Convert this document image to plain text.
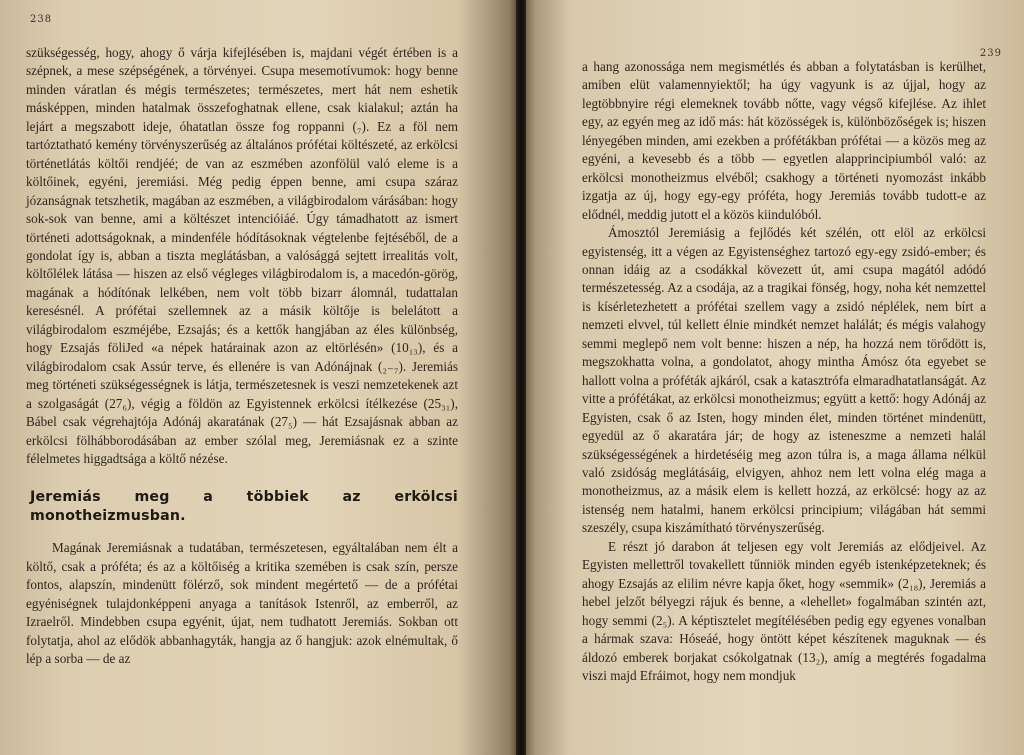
238

szükségesség, hogy, ahogy ő várja kifejlésében is, majdani végét értében is a szépnek, a mese szépségének, a törvényei. Csupa mesemotívumok: hogy benne minden váratlan és mégis természetes; természetes, mert hát nem eshetik másképpen, minden hatalmak összefoghatnak ellene, csak kialakul; aztán ha lejárt a megszabott ideje, óhatatlan össze fog roppanni (₇). Ez a föl nem tartóztatható kemény törvényszerűség az általános prófétai költészeté, az erkölcsi történetlátás költői rendjéé; de van az eszmében azonfölül való eleme is a költőinek, egyéni, jeremiási. Még pedig éppen benne, ami csupa száraz józanságnak tetszhetik, magában az eszmében, a világbirodalom várásában: hogy sok-sok van benne, ami a költészet intencióiáé. Úgy támadhatott az ismert történeti adottságoknak, a mindenféle hódításoknak végtelenbe fejtéséből, de a gondolat így is, abban a tiszta meglátásban, a valósággá sejtett irrealitás volt, költőlélek látása — hiszen az első végleges világbirodalom is, a macedón-görög, magának a hódítónak lelkében, nem volt több bizarr álomnál, tudattalan keresésnél. A prófétai szellemnek az a másik költője is belelátott a világbirodalom eszméjébe, Ezsajás; és a kettők hangjában az éles különbség, hogy Ezsajás föliJed «a népek határainak azon az eltörlésén» (10₁₃), és a világbirodalom csak Assúr terve, és ellenére is van Adónájnak (₂₋₇). Jeremiás meg történeti szükségességnek is látja, természetesnek is veszi nemzetekenek azt a szolgaságát (27₆), végig a földön az Egyistennek erkölcsi ítélkezése (25₃₁), Bábel csak végrehajtója Adónáj akaratának (27₅) — hát Ezsajásnak abban az erkölcsi fölhábborodásában az ember szólal meg, Jeremiásnak ez a szinte félelmetes higgadtsága a költő nézése.

Jeremiás meg a többiek az erkölcsi monotheizmusban.

Magának Jeremiásnak a tudatában, természetesen, egyáltalában nem élt a költő, csak a próféta; és az a költőiség a kritika szemében is csak szín, persze fontos, alapszín, mindenütt fölérző, sok mindent megértető — de a prófétai egyéniségnek tulajdonképpeni anyaga a tanítások Istenről, az emberről, az Izraelről. Mindebben csupa egyénit, újat, nem tudhatott Jeremiás. Sokban ott folytatja, ahol az elődök abbanhagyták, hangja az ő hangjuk: azok elnémultak, ő lép a sorba — de az

239

a hang azonossága nem megismétlés és abban a folytatásban is kerülhet, amiben elüt valamennyiektől; ha úgy vagyunk is az újjal, hogy az legtöbbnyire régi elemeknek tovább nőtte, vagy végső kifejlése. Az ihlet egy, az egyén meg az idő más: hát közösségek is, különbözőségek is; hiszen lényegében minden, ami ezekben a prófétákban prófétai — a közös meg az egyéni, a kevesebb és a több — egyetlen alapprincipiumból való: az erkölcsi monotheizmus elvéből; csakhogy a történeti nyomozást inkább izgatja az új, hogy egy-egy próféta, hogy Jeremiás tovább tudott-e az elődnél, meddig jutott el a közös kiindulóból.

Ámosztól Jeremiásig a fejlődés két szélén, ott elöl az erkölcsi egyistenség, itt a végen az Egyistenséghez tartozó egy-egy zsidó-ember; és onnan idáig az a csodákkal kövezett út, ami csupa magától adódó természetesség. Az a csodája, az a tragikai fönség, hogy, noha két nemzettel is kísérletezhetett a prófétai szellem vagy a zsidó néplélek, nem bírt a nemzeti elvvel, túl kellett élnie mindkét nemzet halálát; és mégis valahogy semmi meglepő nem volt benne: hiszen a nép, ha hozzá nem törődött is, megszokhatta volna, a gondolatot, ahogy mintha Ámósz óta egyebet se hallott volna a próféták ajkáról, csak a katasztrófa elmaradhatatlanságát. Az vitte a prófétákat, az erkölcsi monotheizmus; együtt a kettő: hogy Adónáj az Egyisten, csak ő az Isten, hogy minden élet, minden történet mindenütt, egyedül az ő akaratára jár; de hogy az isteneszme a nemzeti halál szükségességének a hirdetéséig meg azon túlra is, a maga állama nélkül való zsidóság meglátásáig, elvigyen, ahhoz nem lett volna elég maga a monotheizmus, az a másik elem is kellett hozzá, az erkölcsé: hogy az az istenség nem hatalmi, hanem erkölcsi principium; világában hát semmi szeszély, csupa kiszámítható törvényszerűség.

E részt jó darabon át teljesen egy volt Jeremiás az elődjeivel. Az Egyisten mellettről tovakellett tűnniök minden egyéb istenképzeteknek; és ahogy Ezsajás az elilim névre kapja őket, hogy «semmik» (2₁₈), Jeremiás a hebel jelzőt bélyegzi rájuk és benne, a «lehellet» fogalmában szintén azt, hogy semmi (2₅). A képtisztelet megítélésében pedig egy egyenes vonalban a hármak szava: Hóseáé, hogy öntött képet készítenek maguknak — és áldozó emberek borjakat csókolgatnak (13₂), amíg a megtérés fogadalma viszi majd Efráimot, hogy nem mondjuk
